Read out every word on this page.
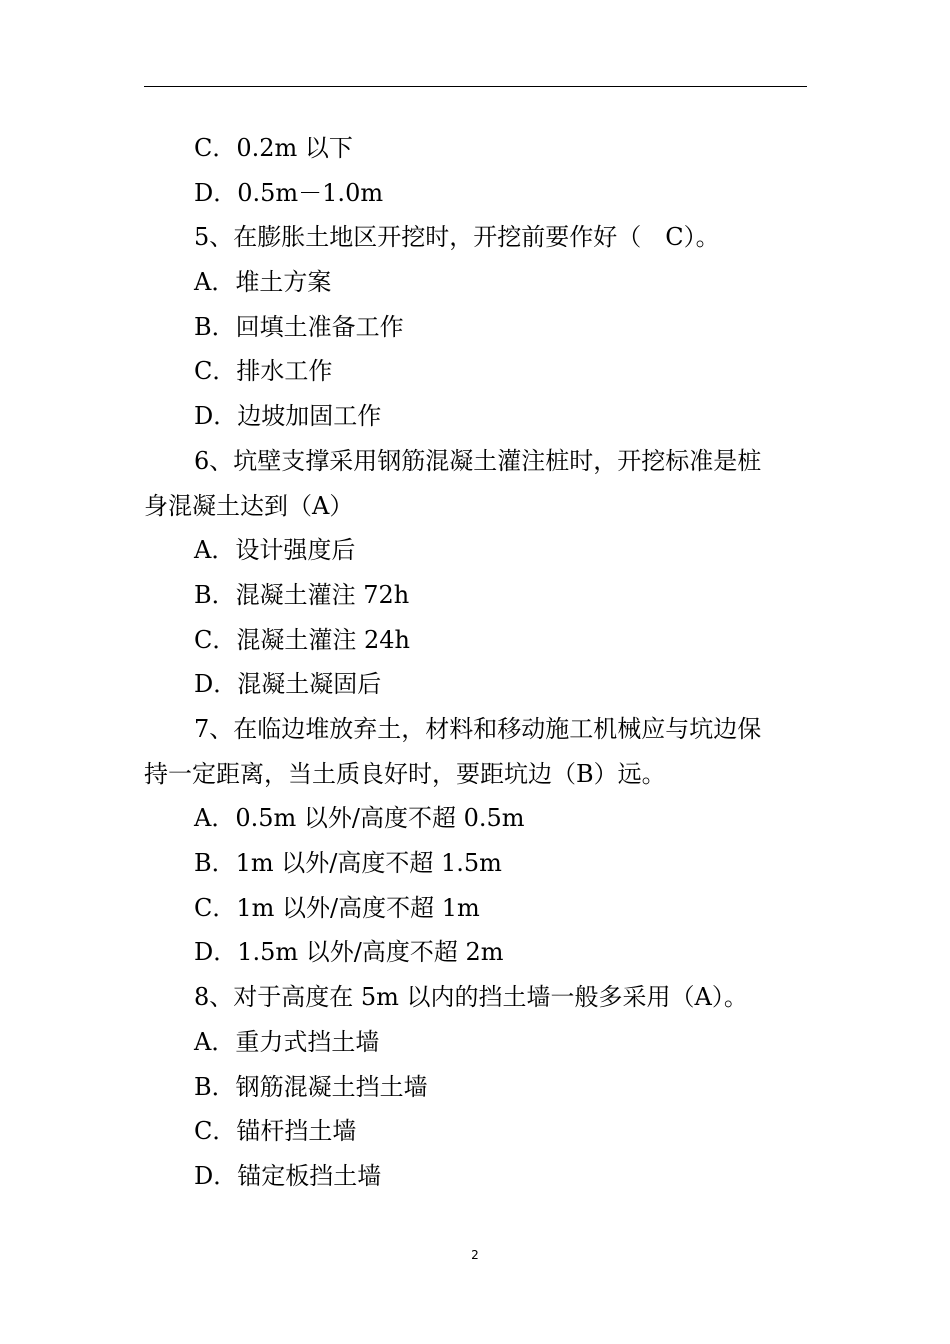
C．0.2m 以下
D．0.5m－1.0m
5、在膨胀土地区开挖时，开挖前要作好（　C）。
A．堆土方案
B．回填土准备工作
C．排水工作
D．边坡加固工作
6、坑壁支撑采用钢筋混凝土灌注桩时，开挖标准是桩
身混凝土达到（A）
A．设计强度后
B．混凝土灌注 72h
C．混凝土灌注 24h
D．混凝土凝固后
7、在临边堆放弃土，材料和移动施工机械应与坑边保
持一定距离，当土质良好时，要距坑边（B）远。
A．0.5m 以外/高度不超 0.5m
B．1m 以外/高度不超 1.5m
C．1m 以外/高度不超 1m
D．1.5m 以外/高度不超 2m
8、对于高度在 5m 以内的挡土墙一般多采用（A）。
A．重力式挡土墙
B．钢筋混凝土挡土墙
C．锚杆挡土墙
D．锚定板挡土墙
2
